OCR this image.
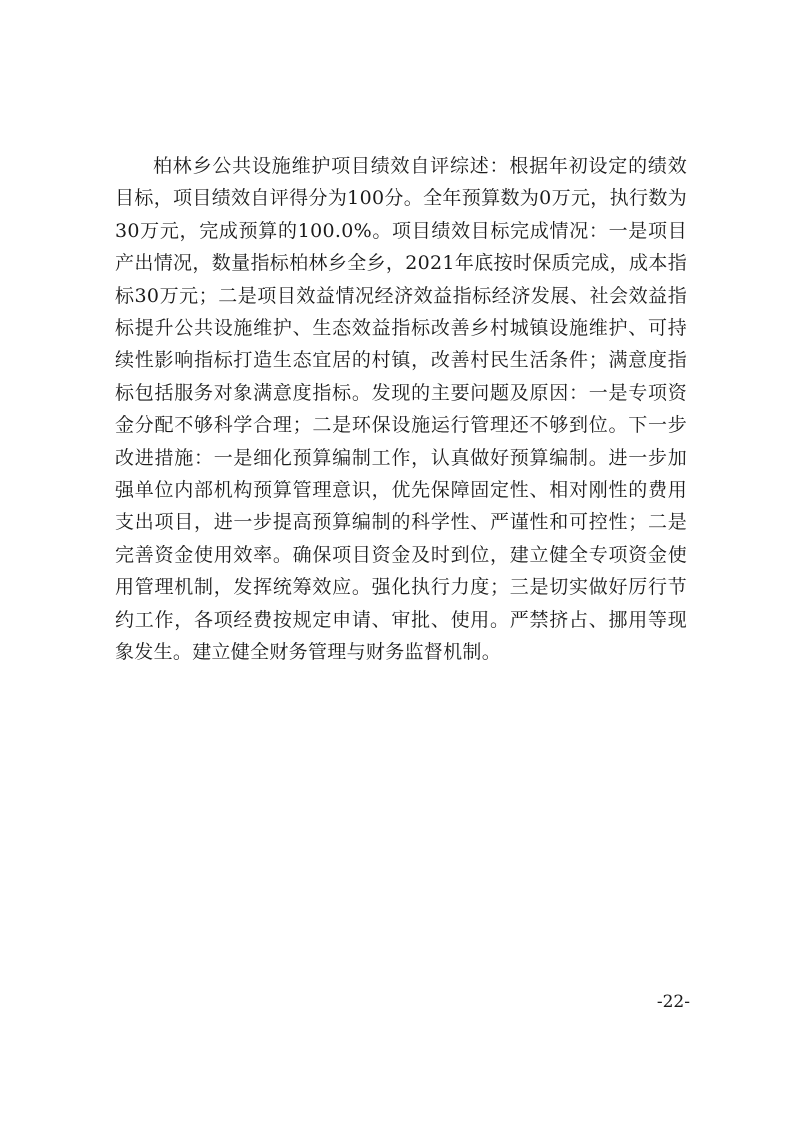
柏林乡公共设施维护项目绩效自评综述：根据年初设定的绩效目标，项目绩效自评得分为100分。全年预算数为0万元，执行数为30万元，完成预算的100.0%。项目绩效目标完成情况：一是项目产出情况，数量指标柏林乡全乡，2021年底按时保质完成，成本指标30万元；二是项目效益情况经济效益指标经济发展、社会效益指标提升公共设施维护、生态效益指标改善乡村城镇设施维护、可持续性影响指标打造生态宜居的村镇，改善村民生活条件；满意度指标包括服务对象满意度指标。发现的主要问题及原因：一是专项资金分配不够科学合理；二是环保设施运行管理还不够到位。下一步改进措施：一是细化预算编制工作，认真做好预算编制。进一步加强单位内部机构预算管理意识，优先保障固定性、相对刚性的费用支出项目，进一步提高预算编制的科学性、严谨性和可控性；二是完善资金使用效率。确保项目资金及时到位，建立健全专项资金使用管理机制，发挥统筹效应。强化执行力度；三是切实做好厉行节约工作，各项经费按规定申请、审批、使用。严禁挤占、挪用等现象发生。建立健全财务管理与财务监督机制。

-22-
